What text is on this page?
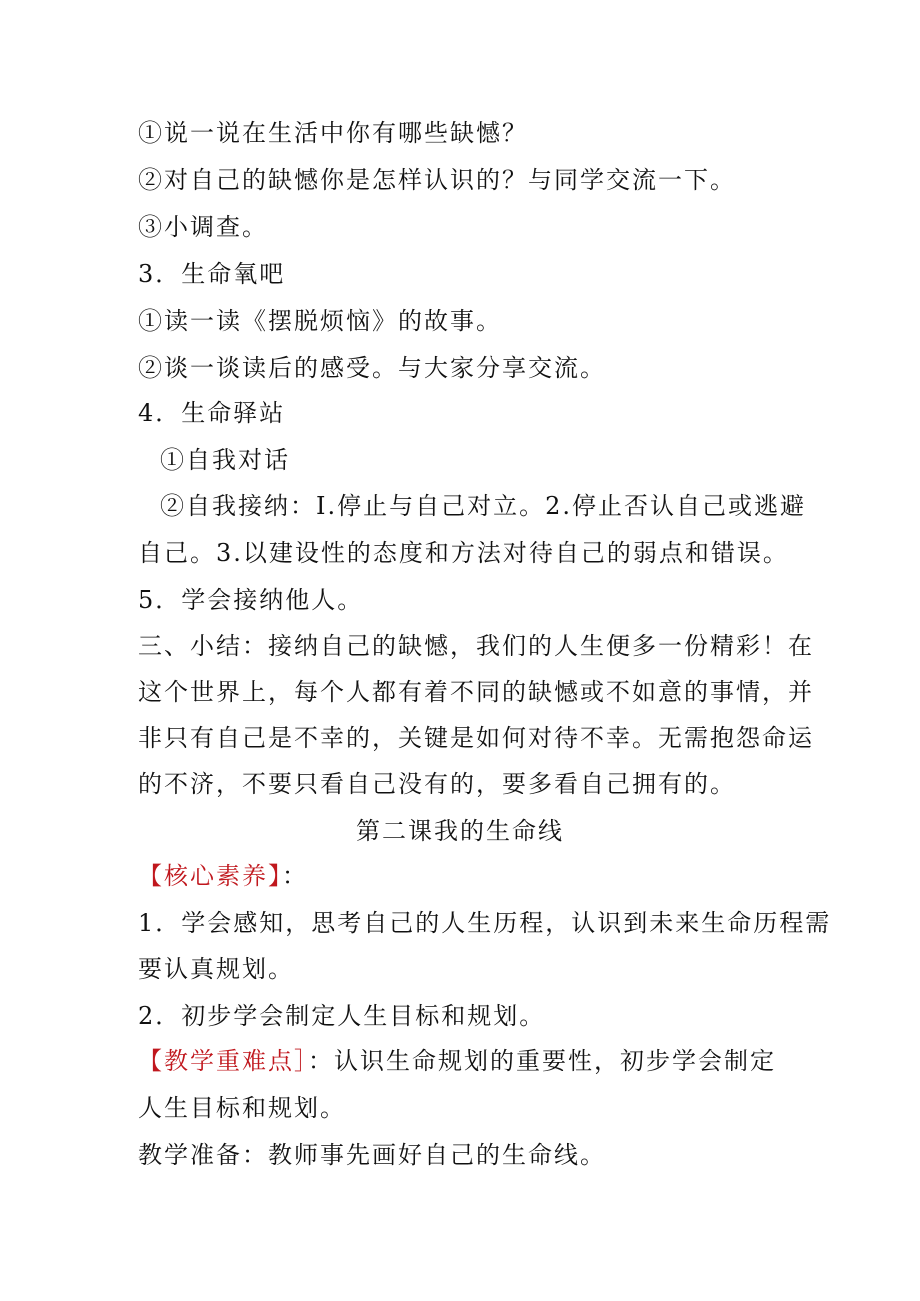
①说一说在生活中你有哪些缺憾？
②对自己的缺憾你是怎样认识的？与同学交流一下。
③小调查。
3．生命氧吧
①读一读《摆脱烦恼》的故事。
②谈一谈读后的感受。与大家分享交流。
4．生命驿站
①自我对话
②自我接纳：I.停止与自己对立。2.停止否认自己或逃避
自己。3.以建设性的态度和方法对待自己的弱点和错误。
5．学会接纳他人。
三、小结：接纳自己的缺憾，我们的人生便多一份精彩！在
这个世界上，每个人都有着不同的缺憾或不如意的事情，并
非只有自己是不幸的，关键是如何对待不幸。无需抱怨命运
的不济，不要只看自己没有的，要多看自己拥有的。
第二课我的生命线
【核心素养】：
1．学会感知，思考自己的人生历程，认识到未来生命历程需
要认真规划。
2．初步学会制定人生目标和规划。
【教学重难点］：认识生命规划的重要性，初步学会制定
人生目标和规划。
教学准备：教师事先画好自己的生命线。
